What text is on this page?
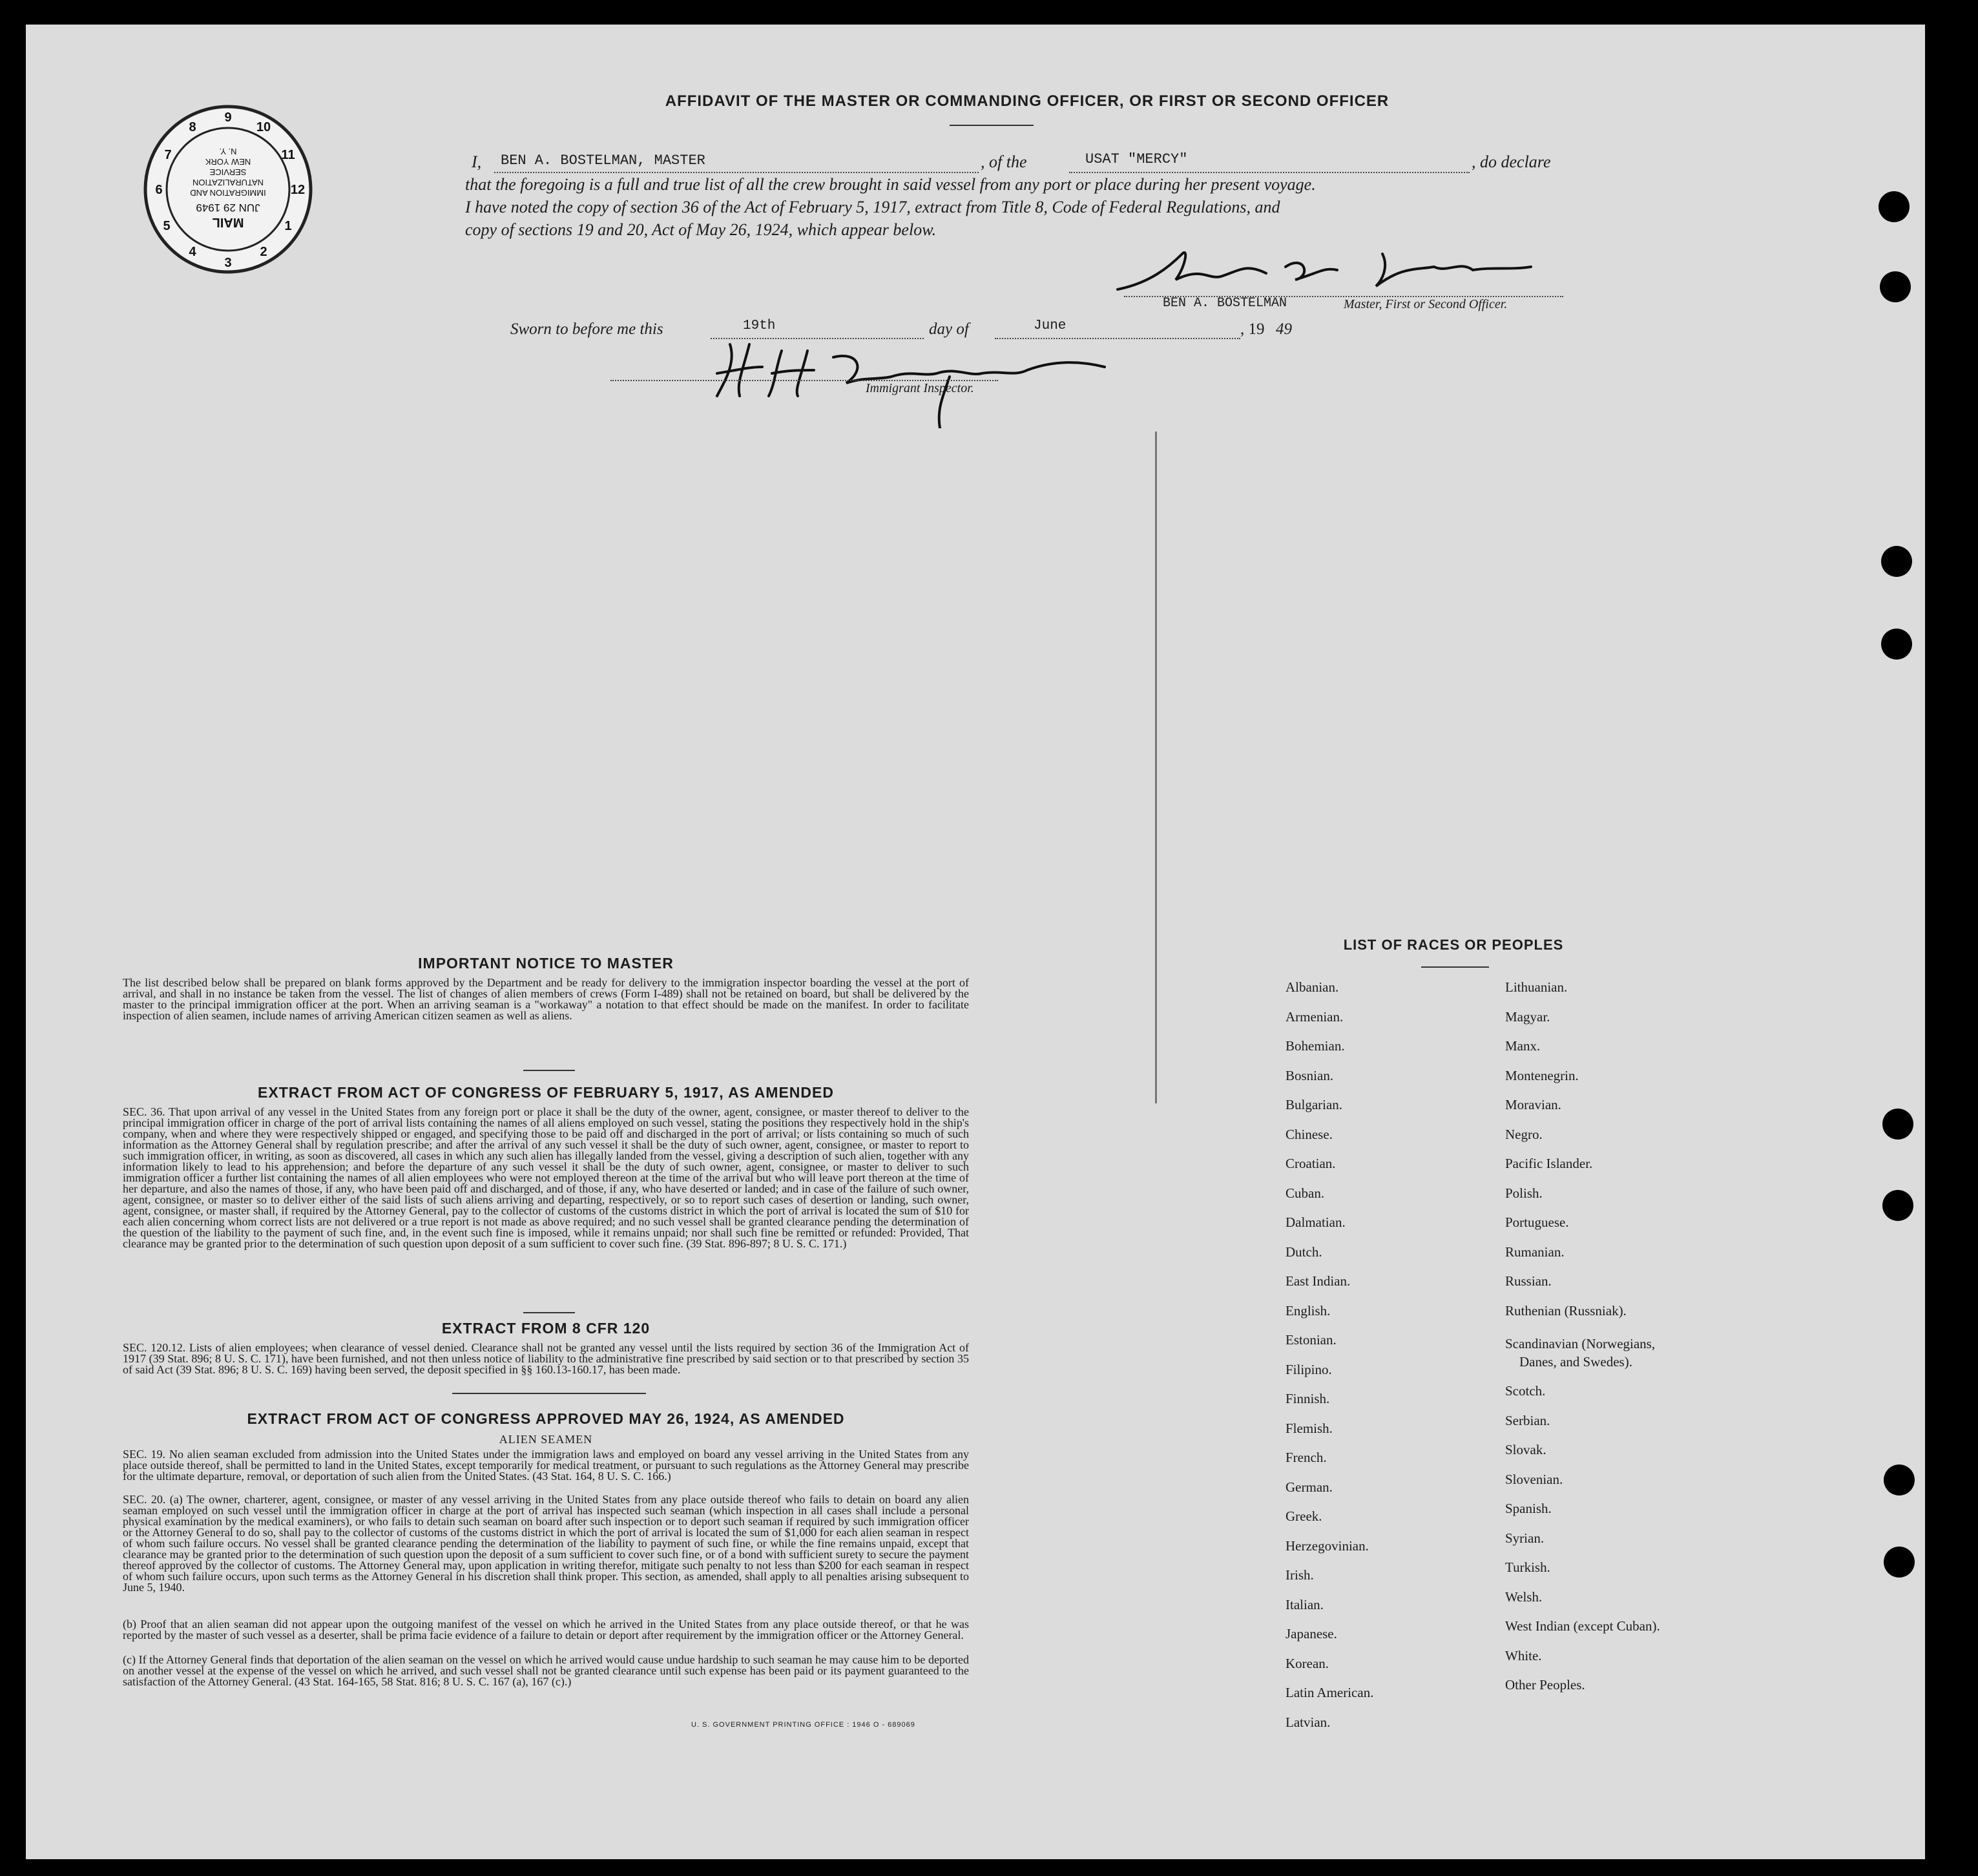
AFFIDAVIT OF THE MASTER OR COMMANDING OFFICER, OR FIRST OR SECOND OFFICER
MAIL
JUN 29 1949
IMMIGRATION AND
NATURALIZATION
SERVICE
NEW YORK
N. Y.
9
10
11
12
1
2
3
4
5
6
7
8
I, BEN A. BOSTELMAN, MASTER	, of the	USAT "MERCY"	, do declare
that the foregoing is a full and true list of all the crew brought in said vessel from any port or place during her present voyage.
I have noted the copy of section 36 of the Act of February 5, 1917, extract from Title 8, Code of Federal Regulations, and
copy of sections 19 and 20, Act of May 26, 1924, which appear below.
BEN A. BOSTELMAN	Master, First or Second Officer.
Sworn to before me this	19th	day of	June	, 19 49
Immigrant Inspector.
IMPORTANT NOTICE TO MASTER
The list described below shall be prepared on blank forms approved by the Department and be ready for delivery to the immigration inspector boarding the vessel at the port of arrival, and shall in no instance be taken from the vessel. The list of changes of alien members of crews (Form I-489) shall not be retained on board, but shall be delivered by the master to the principal immigration officer at the port. When an arriving seaman is a "workaway" a notation to that effect should be made on the manifest. In order to facilitate inspection of alien seamen, include names of arriving American citizen seamen as well as aliens.
EXTRACT FROM ACT OF CONGRESS OF FEBRUARY 5, 1917, AS AMENDED
SEC. 36. That upon arrival of any vessel in the United States from any foreign port or place it shall be the duty of the owner, agent, consignee, or master thereof to deliver to the principal immigration officer in charge of the port of arrival lists containing the names of all aliens employed on such vessel, stating the positions they respectively hold in the ship's company, when and where they were respectively shipped or engaged, and specifying those to be paid off and discharged in the port of arrival; or lists containing so much of such information as the Attorney General shall by regulation prescribe; and after the arrival of any such vessel it shall be the duty of such owner, agent, consignee, or master to report to such immigration officer, in writing, as soon as discovered, all cases in which any such alien has illegally landed from the vessel, giving a description of such alien, together with any information likely to lead to his apprehension; and before the departure of any such vessel it shall be the duty of such owner, agent, consignee, or master to deliver to such immigration officer a further list containing the names of all alien employees who were not employed thereon at the time of the arrival but who will leave port thereon at the time of her departure, and also the names of those, if any, who have been paid off and discharged, and of those, if any, who have deserted or landed; and in case of the failure of such owner, agent, consignee, or master so to deliver either of the said lists of such aliens arriving and departing, respectively, or so to report such cases of desertion or landing, such owner, agent, consignee, or master shall, if required by the Attorney General, pay to the collector of customs of the customs district in which the port of arrival is located the sum of $10 for each alien concerning whom correct lists are not delivered or a true report is not made as above required; and no such vessel shall be granted clearance pending the determination of the question of the liability to the payment of such fine, and, in the event such fine is imposed, while it remains unpaid; nor shall such fine be remitted or refunded: Provided, That clearance may be granted prior to the determination of such question upon deposit of a sum sufficient to cover such fine. (39 Stat. 896-897; 8 U. S. C. 171.)
EXTRACT FROM 8 CFR 120
SEC. 120.12. Lists of alien employees; when clearance of vessel denied. Clearance shall not be granted any vessel until the lists required by section 36 of the Immigration Act of 1917 (39 Stat. 896; 8 U. S. C. 171), have been furnished, and not then unless notice of liability to the administrative fine prescribed by said section or to that prescribed by section 35 of said Act (39 Stat. 896; 8 U. S. C. 169) having been served, the deposit specified in §§ 160.13-160.17, has been made.
EXTRACT FROM ACT OF CONGRESS APPROVED MAY 26, 1924, AS AMENDED
ALIEN SEAMEN
SEC. 19. No alien seaman excluded from admission into the United States under the immigration laws and employed on board any vessel arriving in the United States from any place outside thereof, shall be permitted to land in the United States, except temporarily for medical treatment, or pursuant to such regulations as the Attorney General may prescribe for the ultimate departure, removal, or deportation of such alien from the United States. (43 Stat. 164, 8 U. S. C. 166.)
SEC. 20. (a) The owner, charterer, agent, consignee, or master of any vessel arriving in the United States from any place outside thereof who fails to detain on board any alien seaman employed on such vessel until the immigration officer in charge at the port of arrival has inspected such seaman (which inspection in all cases shall include a personal physical examination by the medical examiners), or who fails to detain such seaman on board after such inspection or to deport such seaman if required by such immigration officer or the Attorney General to do so, shall pay to the collector of customs of the customs district in which the port of arrival is located the sum of $1,000 for each alien seaman in respect of whom such failure occurs. No vessel shall be granted clearance pending the determination of the liability to payment of such fine, or while the fine remains unpaid, except that clearance may be granted prior to the determination of such question upon the deposit of a sum sufficient to cover such fine, or of a bond with sufficient surety to secure the payment thereof approved by the collector of customs. The Attorney General may, upon application in writing therefor, mitigate such penalty to not less than $200 for each seaman in respect of whom such failure occurs, upon such terms as the Attorney General in his discretion shall think proper. This section, as amended, shall apply to all penalties arising subsequent to June 5, 1940.
(b) Proof that an alien seaman did not appear upon the outgoing manifest of the vessel on which he arrived in the United States from any place outside thereof, or that he was reported by the master of such vessel as a deserter, shall be prima facie evidence of a failure to detain or deport after requirement by the immigration officer or the Attorney General.
(c) If the Attorney General finds that deportation of the alien seaman on the vessel on which he arrived would cause undue hardship to such seaman he may cause him to be deported on another vessel at the expense of the vessel on which he arrived, and such vessel shall not be granted clearance until such expense has been paid or its payment guaranteed to the satisfaction of the Attorney General. (43 Stat. 164-165, 58 Stat. 816; 8 U. S. C. 167 (a), 167 (c).)
U. S. GOVERNMENT PRINTING OFFICE : 1946 O - 689069
LIST OF RACES OR PEOPLES
Albanian.
Armenian.
Bohemian.
Bosnian.
Bulgarian.
Chinese.
Croatian.
Cuban.
Dalmatian.
Dutch.
East Indian.
English.
Estonian.
Filipino.
Finnish.
Flemish.
French.
German.
Greek.
Herzegovinian.
Irish.
Italian.
Japanese.
Korean.
Latin American.
Latvian.
Lithuanian.
Magyar.
Manx.
Montenegrin.
Moravian.
Negro.
Pacific Islander.
Polish.
Portuguese.
Rumanian.
Russian.
Ruthenian (Russniak).
Scandinavian (Norwegians,
Danes, and Swedes).
Scotch.
Serbian.
Slovak.
Slovenian.
Spanish.
Syrian.
Turkish.
Welsh.
West Indian (except Cuban).
White.
Other Peoples.
